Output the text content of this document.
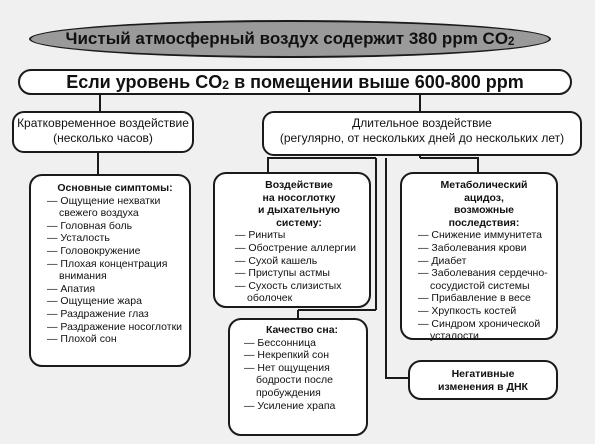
Чистый атмосферный воздух содержит 380 ppm $CO_2$
Если уровень $CO_2$ в помещении выше 600-800 ppm
Кратковременное воздействие
(несколько часов)
Длительное воздействие
(регулярно, от нескольких дней до нескольких лет)
Основные симптомы:
— Ощущение нехватки свежего воздуха
— Головная боль
— Усталость
— Головокружение
— Плохая концентрация внимания
— Апатия
— Ощущение жара
— Раздражение глаз
— Раздражение носоглотки
— Плохой сон
Воздействие
на носоглотку
и дыхательную
систему:
— Риниты
— Обострение аллергии
— Сухой кашель
— Приступы астмы
— Сухость слизистых оболочек
Метаболический
ацидоз,
возможные последствия:
— Снижение иммунитета
— Заболевания крови
— Диабет
— Заболевания сердечно-сосудистой системы
— Прибавление в весе
— Хрупкость костей
— Синдром хронической усталости
Качество сна:
— Бессонница
— Некрепкий сон
— Нет ощущения бодрости после пробуждения
— Усиление храпа
Негативные
изменения в ДНК
